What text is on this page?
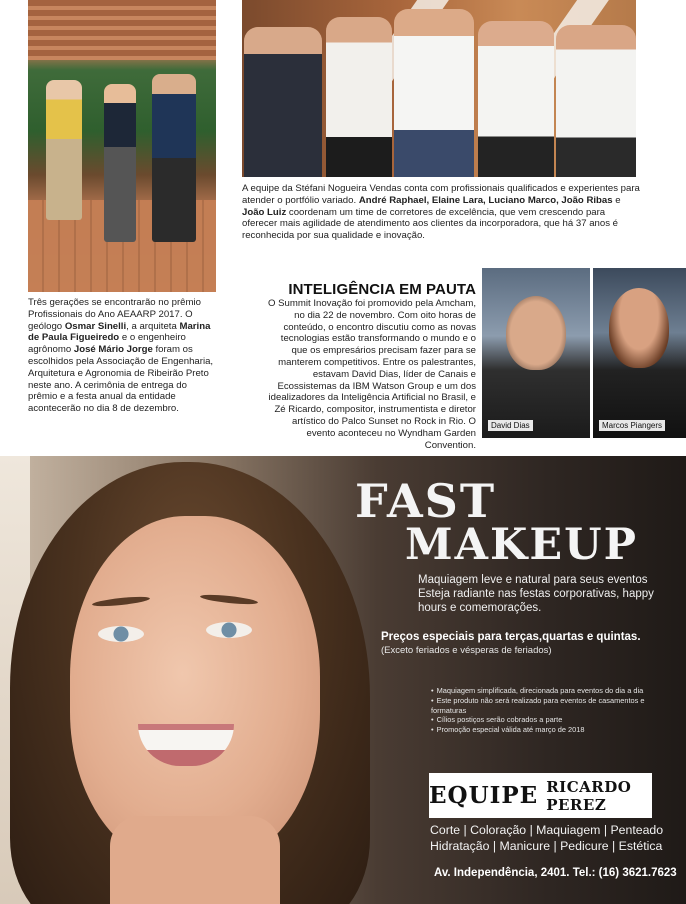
A equipe da Stéfani Nogueira Vendas conta com profissionais qualificados e experientes para atender o portfólio variado. André Raphael, Elaine Lara, Luciano Marco, João Ribas e João Luiz coordenam um time de corretores de excelência, que vem crescendo para oferecer mais agilidade de atendimento aos clientes da incorporadora, que há 37 anos é reconhecida por sua qualidade e inovação.
Três gerações se encontrarão no prêmio Profissionais do Ano AEAARP 2017. O geólogo Osmar Sinelli, a arquiteta Marina de Paula Figueiredo e o engenheiro agrônomo José Mário Jorge foram os escolhidos pela Associação de Engenharia, Arquitetura e Agronomia de Ribeirão Preto neste ano. A cerimônia de entrega do prêmio e a festa anual da entidade acontecerão no dia 8 de dezembro.
INTELIGÊNCIA EM PAUTA
O Summit Inovação foi promovido pela Amcham, no dia 22 de novembro. Com oito horas de conteúdo, o encontro discutiu como as novas tecnologias estão transformando o mundo e o que os empresários precisam fazer para se manterem competitivos. Entre os palestrantes, estavam David Dias, líder de Canais e Ecossistemas da IBM Watson Group e um dos idealizadores da Inteligência Artificial no Brasil, e Zé Ricardo, compositor, instrumentista e diretor artístico do Palco Sunset no Rock in Rio. O evento aconteceu no Wyndham Garden Convention.
David Dias	Marcos Piangers
FAST
MAKEUP
Maquiagem leve e natural para seus eventos Esteja radiante nas festas corporativas, happy hours e comemorações.
Preços especiais para terças,quartas e quintas.
(Exceto feriados e vésperas de feriados)
• Maquiagem simplificada, direcionada para eventos do dia a dia
• Este produto não será realizado para eventos de casamentos e formaturas
• Cílios postiços serão cobrados a parte
• Promoção especial válida até março de 2018
EQUIPE RICARDO PEREZ
Corte | Coloração | Maquiagem | Penteado
Hidratação | Manicure | Pedicure | Estética
Av. Independência, 2401. Tel.: (16) 3621.7623
